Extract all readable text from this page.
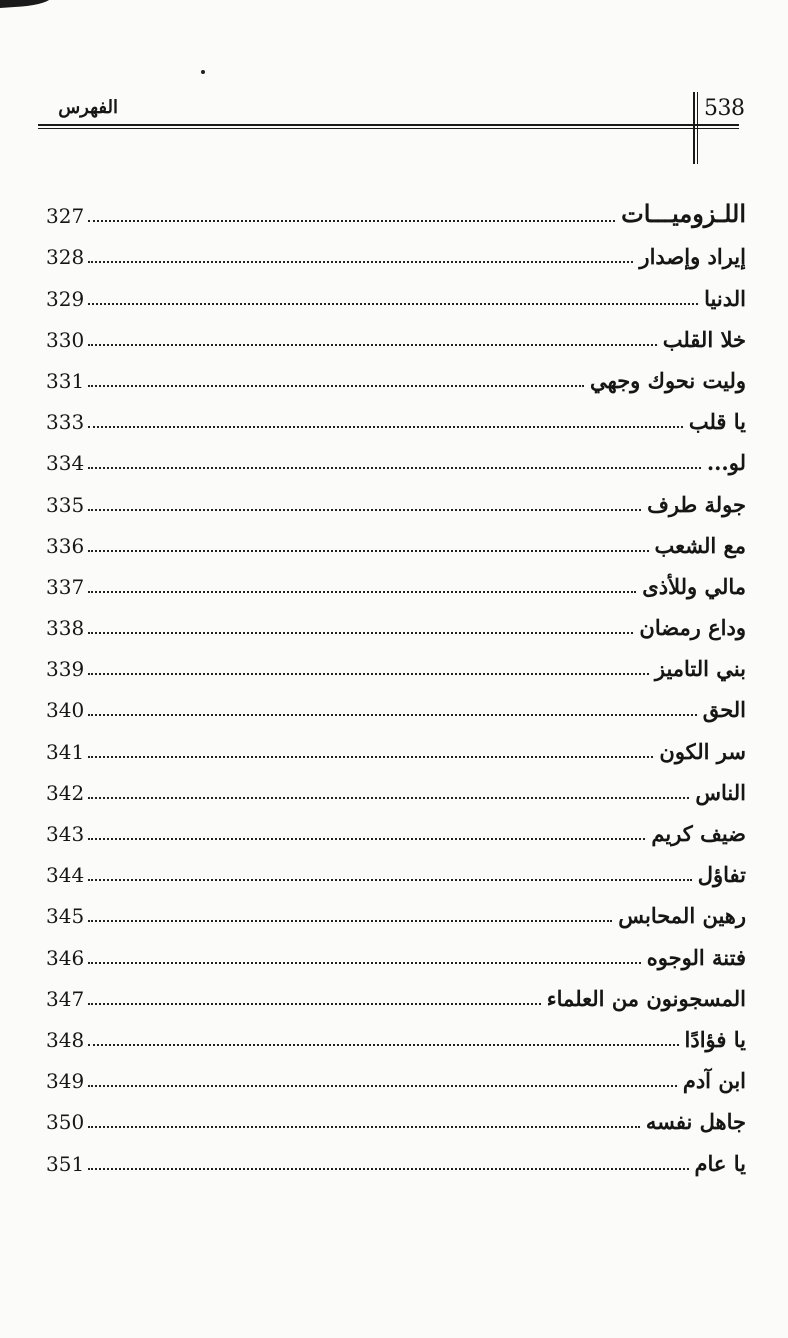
الفهرس	538
اللـزوميـــات
327
إيراد وإصدار
328
الدنيا
329
خلا القلب
330
وليت نحوك وجهي
331
يا قلب
333
لو...
334
جولة طرف
335
مع الشعب
336
مالي وللأذى
337
وداع رمضان
338
بني التاميز
339
الحق
340
سر الكون
341
الناس
342
ضيف كريم
343
تفاؤل
344
رهين المحابس
345
فتنة الوجوه
346
المسجونون من العلماء
347
يا فؤادًا
348
ابن آدم
349
جاهل نفسه
350
يا عام
351
